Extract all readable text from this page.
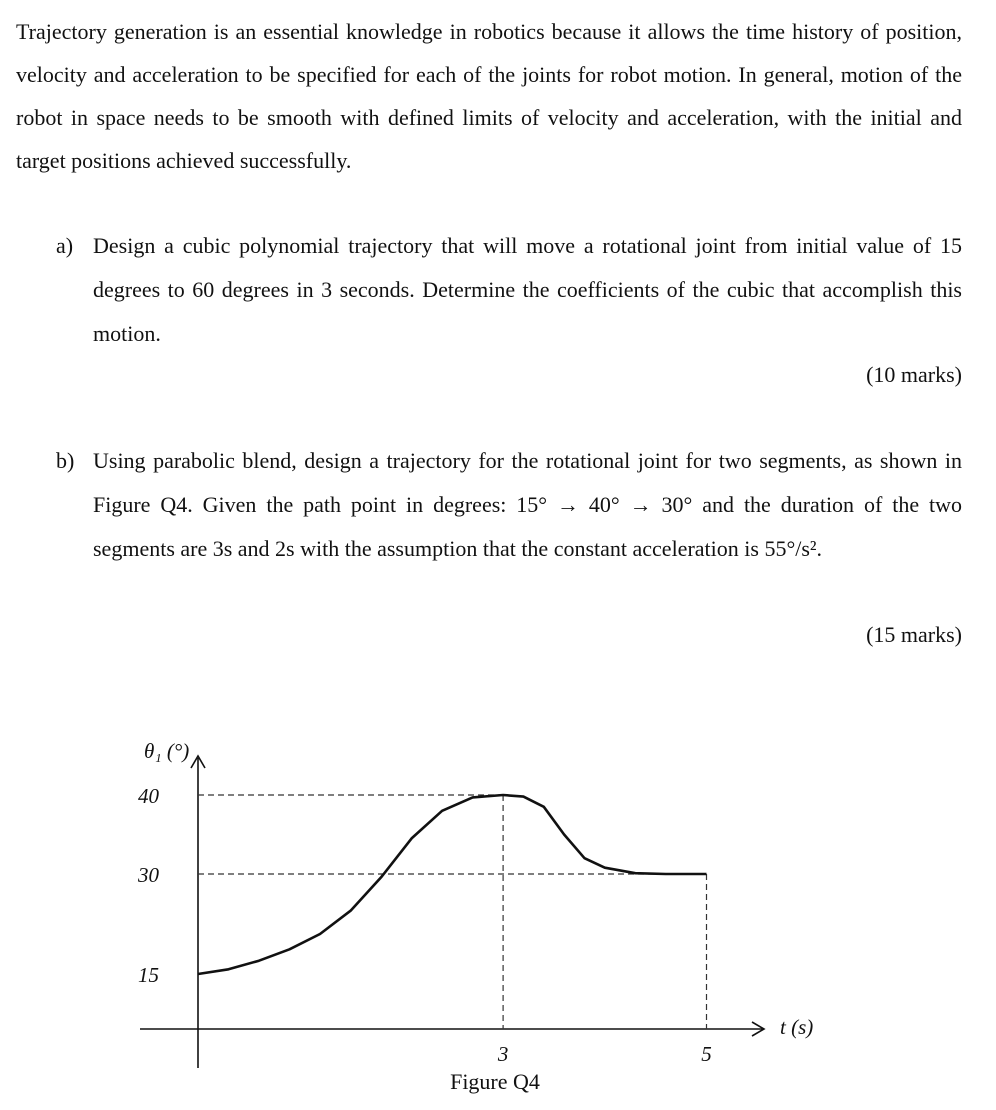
Trajectory generation is an essential knowledge in robotics because it allows the time history of position, velocity and acceleration to be specified for each of the joints for robot motion. In general, motion of the robot in space needs to be smooth with defined limits of velocity and acceleration, with the initial and target positions achieved successfully.

a) Design a cubic polynomial trajectory that will move a rotational joint from initial value of 15 degrees to 60 degrees in 3 seconds. Determine the coefficients of the cubic that accomplish this motion.
(10 marks)
b) Using parabolic blend, design a trajectory for the rotational joint for two segments, as shown in Figure Q4. Given the path point in degrees: 15° → 40° → 30° and the duration of the two segments are 3s and 2s with the assumption that the constant acceleration is 55°/s².
(15 marks)
40
30
15
3	5
θ₁ (°)
t (s)
Figure Q4
